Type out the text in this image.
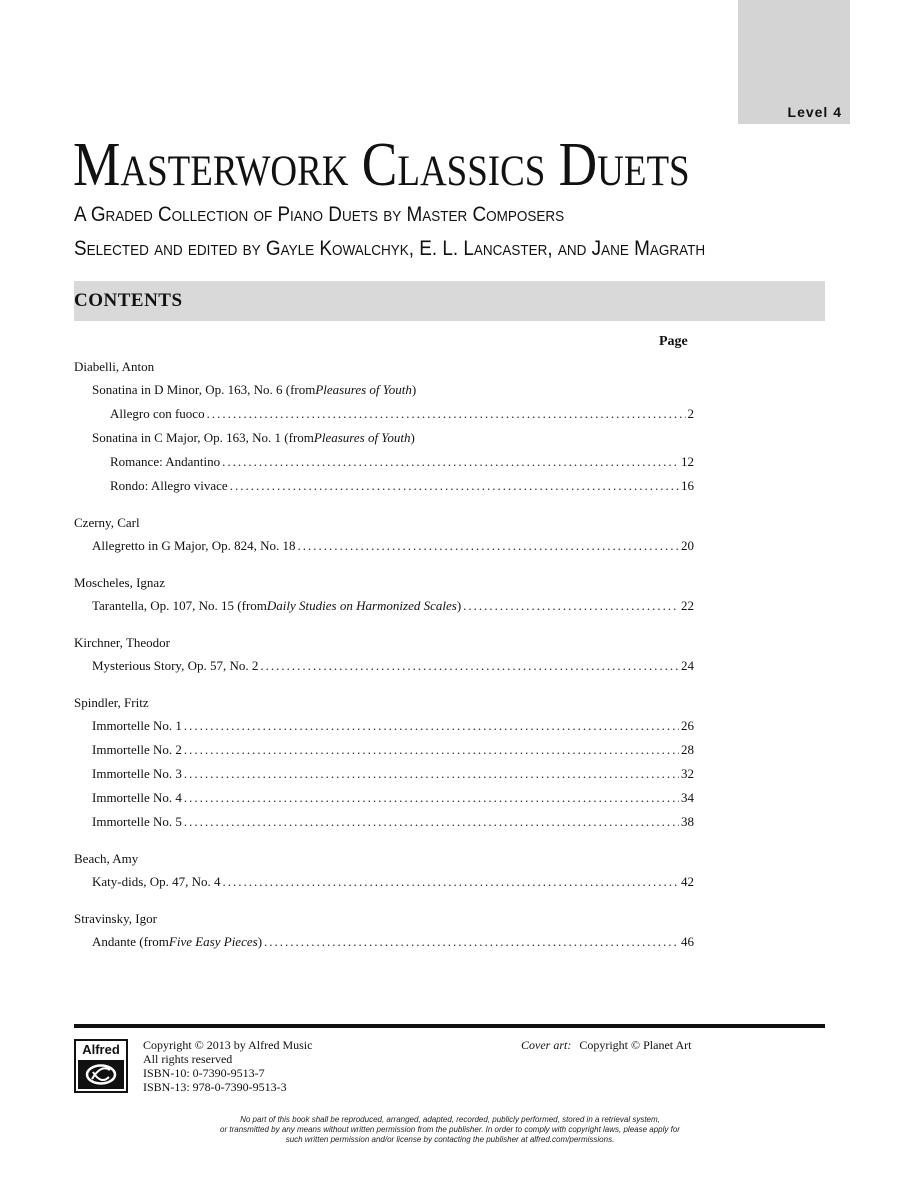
Level 4
Masterwork Classics Duets

A Graded Collection of Piano Duets by Master Composers

Selected and edited by Gayle Kowalchyk, E. L. Lancaster, and Jane Magrath

CONTENTS
Page
Diabelli, Anton
Sonatina in D Minor, Op. 163, No. 6 (from Pleasures of Youth )
Allegro con fuoco .....	2
Sonatina in C Major, Op. 163, No. 1 (from Pleasures of Youth )
Romance: Andantino .....	12
Rondo: Allegro vivace .....	16
Czerny, Carl
Allegretto in G Major, Op. 824, No. 18 .....	20
Moscheles, Ignaz
Tarantella, Op. 107, No. 15 (from Daily Studies on Harmonized Scales ) .....	22
Kirchner, Theodor
Mysterious Story, Op. 57, No. 2 .....	24
Spindler, Fritz
Immortelle No. 1 .....	26
Immortelle No. 2 .....	28
Immortelle No. 3 .....	32
Immortelle No. 4 .....	34
Immortelle No. 5 .....	38
Beach, Amy
Katy-dids, Op. 47, No. 4 .....	42
Stravinsky, Igor
Andante (from Five Easy Pieces ) .....	46
Alfred	Copyright © 2013 by Alfred Music
All rights reserved
ISBN-10: 0-7390-9513-7
ISBN-13: 978-0-7390-9513-3
Cover art: Copyright © Planet Art
No part of this book shall be reproduced, arranged, adapted, recorded, publicly performed, stored in a retrieval system,
or transmitted by any means without written permission from the publisher. In order to comply with copyright laws, please apply for
such written permission and/or license by contacting the publisher at alfred.com/permissions.
